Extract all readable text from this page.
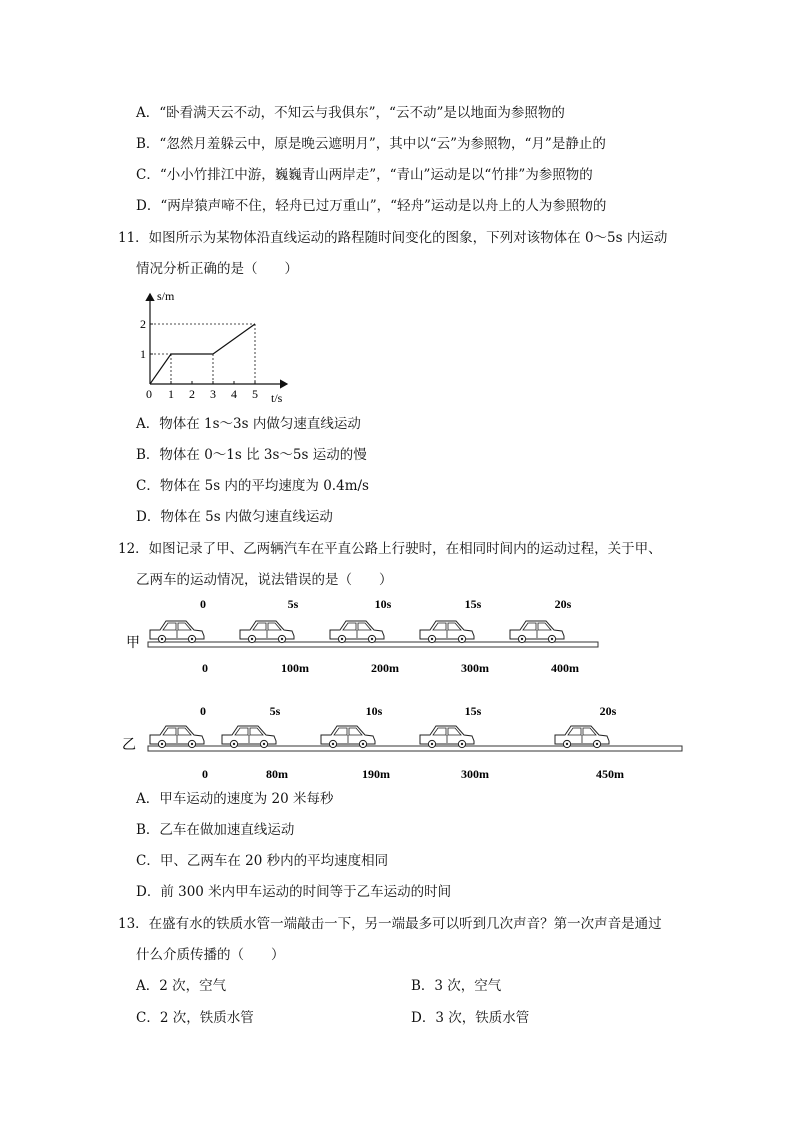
A．“卧看满天云不动，不知云与我俱东”，“云不动”是以地面为参照物的
B．“忽然月羞躲云中，原是晚云遮明月”，其中以“云”为参照物，“月”是静止的
C．“小小竹排江中游，巍巍青山两岸走”，“青山”运动是以“竹排”为参照物的
D．“两岸猿声啼不住，轻舟已过万重山”，“轻舟”运动是以舟上的人为参照物的
11．如图所示为某物体沿直线运动的路程随时间变化的图象，下列对该物体在 0～5s 内运动
情况分析正确的是（　　）
s/m
t/s
0 1 2 3 4 5
1
2
A．物体在 1s～3s 内做匀速直线运动
B．物体在 0～1s 比 3s～5s 运动的慢
C．物体在 5s 内的平均速度为 0.4m/s
D．物体在 5s 内做匀速直线运动
12．如图记录了甲、乙两辆汽车在平直公路上行驶时，在相同时间内的运动过程，关于甲、
乙两车的运动情况，说法错误的是（　　）
甲
0	5s	10s	15s	20s
0	100m	200m	300m	400m
乙
0	5s	10s	15s	20s
0	80m	190m	300m	450m
A．甲车运动的速度为 20 米每秒
B．乙车在做加速直线运动
C．甲、乙两车在 20 秒内的平均速度相同
D．前 300 米内甲车运动的时间等于乙车运动的时间
13．在盛有水的铁质水管一端敲击一下，另一端最多可以听到几次声音？第一次声音是通过
什么介质传播的（　　）
A．2 次，空气	B．3 次，空气
C．2 次，铁质水管	D．3 次，铁质水管
